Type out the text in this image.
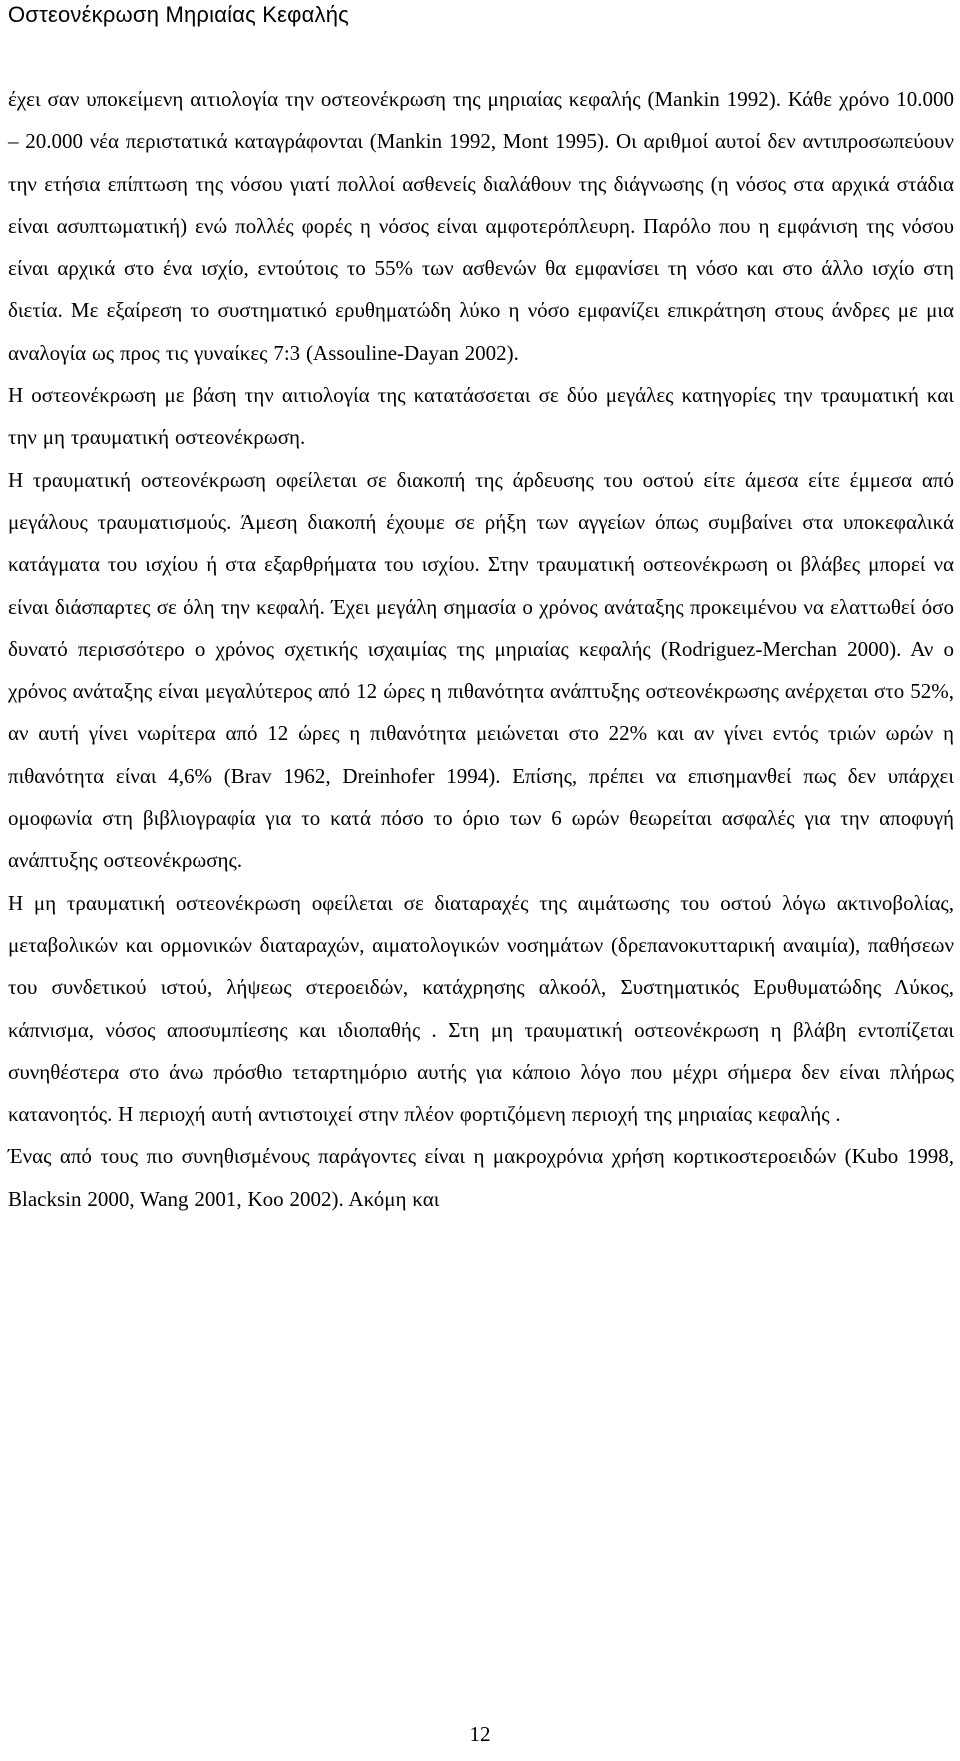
Οστεονέκρωση Μηριαίας Κεφαλής

έχει σαν υποκείμενη αιτιολογία την οστεονέκρωση της μηριαίας κεφαλής (Mankin 1992). Κάθε χρόνο 10.000 – 20.000 νέα περιστατικά καταγράφονται (Mankin 1992, Mont 1995). Οι αριθμοί αυτοί δεν αντιπροσωπεύουν την ετήσια επίπτωση της νόσου γιατί πολλοί ασθενείς διαλάθουν της διάγνωσης (η νόσος στα αρχικά στάδια είναι ασυπτωματική) ενώ πολλές φορές η νόσος είναι αμφοτερόπλευρη. Παρόλο που η εμφάνιση της νόσου είναι αρχικά στο ένα ισχίο, εντούτοις το 55% των ασθενών θα εμφανίσει τη νόσο και στο άλλο ισχίο στη διετία. Με εξαίρεση το συστηματικό ερυθηματώδη λύκο η νόσο εμφανίζει επικράτηση στους άνδρες με μια αναλογία ως προς τις γυναίκες 7:3 (Assouline-Dayan 2002).

Η οστεονέκρωση με βάση την αιτιολογία της κατατάσσεται σε δύο μεγάλες κατηγορίες την τραυματική και την μη τραυματική οστεονέκρωση.

Η τραυματική οστεονέκρωση οφείλεται σε διακοπή της άρδευσης του οστού είτε άμεσα είτε έμμεσα από μεγάλους τραυματισμούς. Άμεση διακοπή έχουμε σε ρήξη των αγγείων όπως συμβαίνει στα υποκεφαλικά κατάγματα του ισχίου ή στα εξαρθρήματα του ισχίου. Στην τραυματική οστεονέκρωση οι βλάβες μπορεί να είναι διάσπαρτες σε όλη την κεφαλή. Έχει μεγάλη σημασία ο χρόνος ανάταξης προκειμένου να ελαττωθεί όσο δυνατό περισσότερο ο χρόνος σχετικής ισχαιμίας της μηριαίας κεφαλής (Rodriguez-Merchan 2000). Αν ο χρόνος ανάταξης είναι μεγαλύτερος από 12 ώρες η πιθανότητα ανάπτυξης οστεονέκρωσης ανέρχεται στο 52%, αν αυτή γίνει νωρίτερα από 12 ώρες η πιθανότητα μειώνεται στο 22% και αν γίνει εντός τριών ωρών η πιθανότητα είναι 4,6% (Brav 1962, Dreinhofer 1994). Επίσης, πρέπει να επισημανθεί πως δεν υπάρχει ομοφωνία στη βιβλιογραφία για το κατά πόσο το όριο των 6 ωρών θεωρείται ασφαλές για την αποφυγή ανάπτυξης οστεονέκρωσης.

Η μη τραυματική οστεονέκρωση οφείλεται σε διαταραχές της αιμάτωσης του οστού λόγω ακτινοβολίας, μεταβολικών και ορμονικών διαταραχών, αιματολογικών νοσημάτων (δρεπανοκυτταρική αναιμία), παθήσεων του συνδετικού ιστού, λήψεως στεροειδών, κατάχρησης αλκοόλ, Συστηματικός Ερυθυματώδης Λύκος, κάπνισμα, νόσος αποσυμπίεσης και ιδιοπαθής . Στη μη τραυματική οστεονέκρωση η βλάβη εντοπίζεται συνηθέστερα στο άνω πρόσθιο τεταρτημόριο αυτής για κάποιο λόγο που μέχρι σήμερα δεν είναι πλήρως κατανοητός. Η περιοχή αυτή αντιστοιχεί στην πλέον φορτιζόμενη περιοχή της μηριαίας κεφαλής .

Ένας από τους πιο συνηθισμένους παράγοντες είναι η μακροχρόνια χρήση κορτικοστεροειδών (Kubo 1998, Blacksin 2000, Wang 2001, Koo 2002). Ακόμη και

12
